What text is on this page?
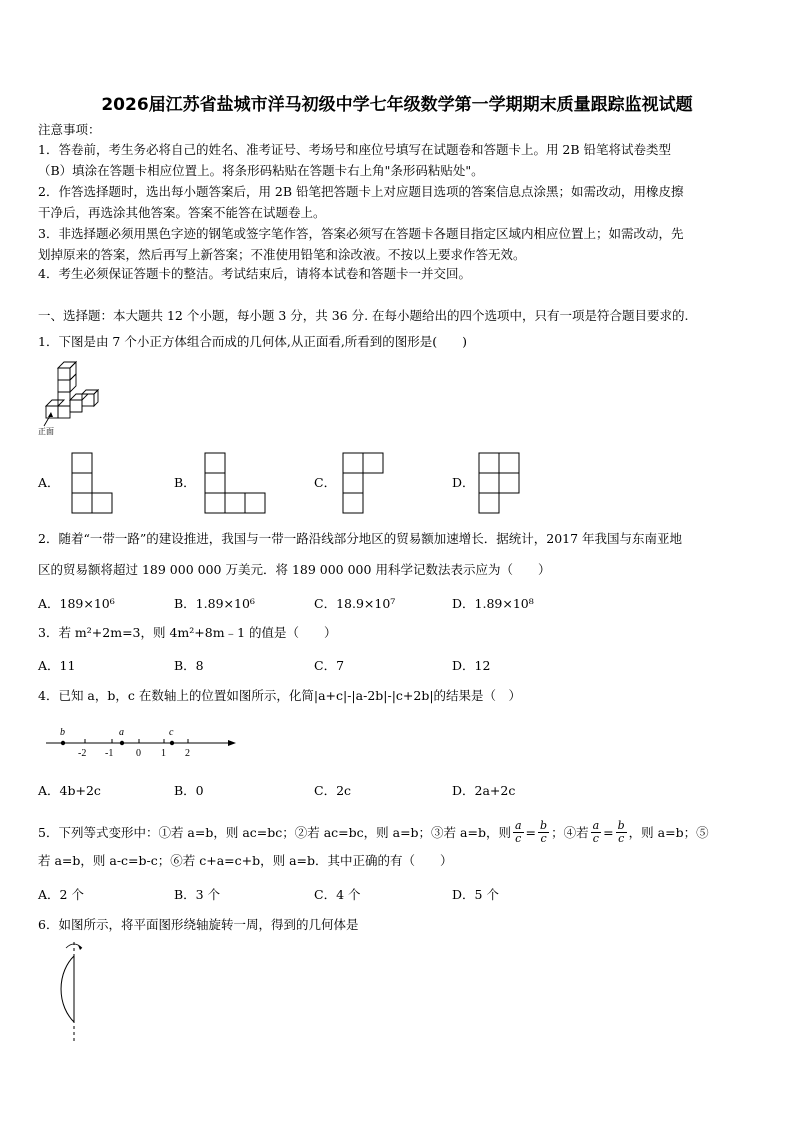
2026届江苏省盐城市洋马初级中学七年级数学第一学期期末质量跟踪监视试题
注意事项：
1．答卷前，考生务必将自己的姓名、准考证号、考场号和座位号填写在试题卷和答题卡上。用 2B 铅笔将试卷类型
（B）填涂在答题卡相应位置上。将条形码粘贴在答题卡右上角"条形码粘贴处"。
2．作答选择题时，选出每小题答案后，用 2B 铅笔把答题卡上对应题目选项的答案信息点涂黑；如需改动，用橡皮擦
干净后，再选涂其他答案。答案不能答在试题卷上。
3．非选择题必须用黑色字迹的钢笔或签字笔作答，答案必须写在答题卡各题目指定区域内相应位置上；如需改动，先
划掉原来的答案，然后再写上新答案；不准使用铅笔和涂改液。不按以上要求作答无效。
4．考生必须保证答题卡的整洁。考试结束后，请将本试卷和答题卡一并交回。
一、选择题：本大题共 12 个小题，每小题 3 分，共 36 分. 在每小题给出的四个选项中，只有一项是符合题目要求的.
1．下图是由 7 个小正方体组合而成的几何体,从正面看,所看到的图形是(　　)
正面
A．	B．	C．	D．
2．随着“一带一路”的建设推进，我国与一带一路沿线部分地区的贸易额加速增长．据统计，2017 年我国与东南亚地
区的贸易额将超过 189 000 000 万美元．将 189 000 000 用科学记数法表示应为（　　）
A．189×10⁶	B．1.89×10⁶	C．18.9×10⁷	D．1.89×10⁸
3．若 m²+2m=3，则 4m²+8m﹣1 的值是（　　）
A．11	B．8	C．7	D．12
4．已知 a，b，c 在数轴上的位置如图所示，化简|a+c|-|a-2b|-|c+2b|的结果是（　）
b	a	c
-2 -1 0 1 2
A．4b+2c	B．0	C．2c	D．2a+2c
5．下列等式变形中：①若 a=b，则 ac=bc；②若 ac=bc，则 a=b；③若 a=b，则 $\frac{a}{c} = \frac{b}{c}$ ；④若 $\frac{a}{c} = \frac{b}{c}$ ，则 a=b；⑤
若 a=b，则 a-c=b-c；⑥若 c+a=c+b，则 a=b．其中正确的有（　　）
A．2 个	B．3 个	C．4 个	D．5 个
6．如图所示，将平面图形绕轴旋转一周，得到的几何体是
